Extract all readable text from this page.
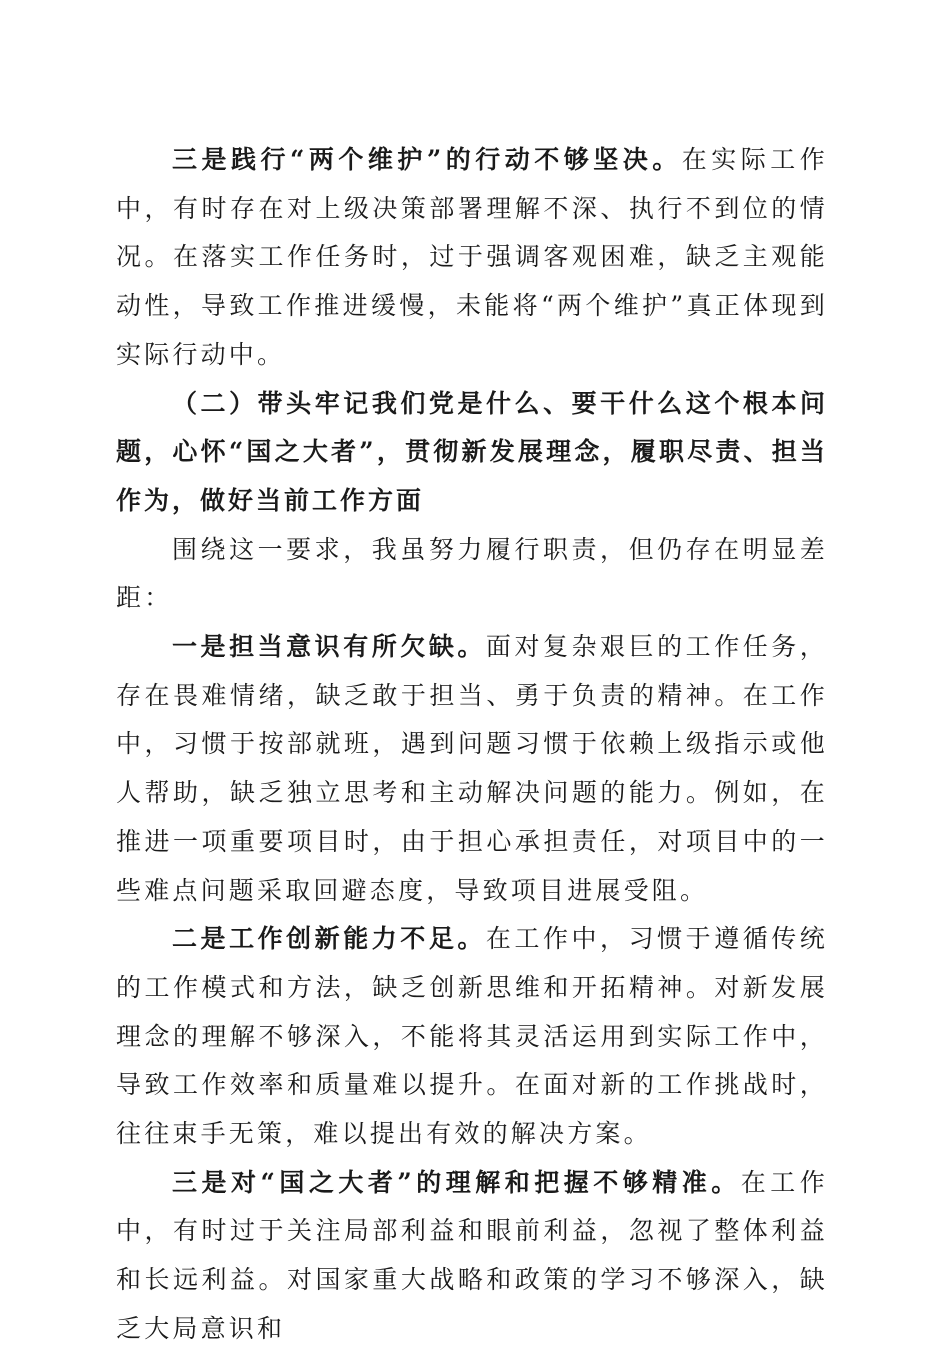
三是践行“两个维护”的行动不够坚决。在实际工作中，有时存在对上级决策部署理解不深、执行不到位的情况。在落实工作任务时，过于强调客观困难，缺乏主观能动性，导致工作推进缓慢，未能将“两个维护”真正体现到实际行动中。

（二）带头牢记我们党是什么、要干什么这个根本问题，心怀“国之大者”，贯彻新发展理念，履职尽责、担当作为，做好当前工作方面

围绕这一要求，我虽努力履行职责，但仍存在明显差距：

一是担当意识有所欠缺。面对复杂艰巨的工作任务，存在畏难情绪，缺乏敢于担当、勇于负责的精神。在工作中，习惯于按部就班，遇到问题习惯于依赖上级指示或他人帮助，缺乏独立思考和主动解决问题的能力。例如，在推进一项重要项目时，由于担心承担责任，对项目中的一些难点问题采取回避态度，导致项目进展受阻。

二是工作创新能力不足。在工作中，习惯于遵循传统的工作模式和方法，缺乏创新思维和开拓精神。对新发展理念的理解不够深入，不能将其灵活运用到实际工作中，导致工作效率和质量难以提升。在面对新的工作挑战时，往往束手无策，难以提出有效的解决方案。

三是对“国之大者”的理解和把握不够精准。在工作中，有时过于关注局部利益和眼前利益，忽视了整体利益和长远利益。对国家重大战略和政策的学习不够深入，缺乏大局意识和
